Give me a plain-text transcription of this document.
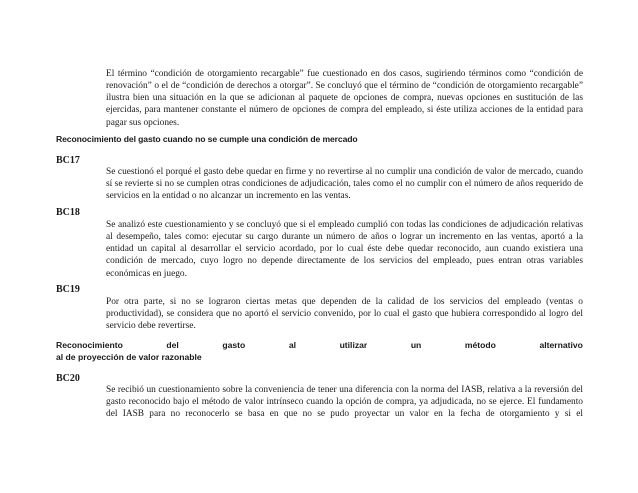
El término “condición de otorgamiento recargable” fue cuestionado en dos casos, sugiriendo términos como “condición de renovación” o el de “condición de derechos a otorgar”. Se concluyó que el término de “condición de otorgamiento recargable” ilustra bien una situación en la que se adicionan al paquete de opciones de compra, nuevas opciones en sustitución de las ejercidas, para mantener constante el número de opciones de compra del empleado, si éste utiliza acciones de la entidad para pagar sus opciones.

Reconocimiento del gasto cuando no se cumple una condición de mercado

BC17

Se cuestionó el porqué el gasto debe quedar en firme y no revertirse al no cumplir una condición de valor de mercado, cuando sí se revierte si no se cumplen otras condiciones de adjudicación, tales como el no cumplir con el número de años requerido de servicios en la entidad o no alcanzar un incremento en las ventas.

BC18

Se analizó este cuestionamiento y se concluyó que si el empleado cumplió con todas las condiciones de adjudicación relativas al desempeño, tales como: ejecutar su cargo durante un número de años o lograr un incremento en las ventas, aportó a la entidad un capital al desarrollar el servicio acordado, por lo cual éste debe quedar reconocido, aun cuando existiera una condición de mercado, cuyo logro no depende directamente de los servicios del empleado, pues entran otras variables económicas en juego.

BC19

Por otra parte, si no se lograron ciertas metas que dependen de la calidad de los servicios del empleado (ventas o productividad), se considera que no aportó el servicio convenido, por lo cual el gasto que hubiera correspondido al logro del servicio debe revertirse.

Reconocimiento	del	gasto	al	utilizar	un	método	alternativo
al de proyección de valor razonable

BC20

Se recibió un cuestionamiento sobre la conveniencia de tener una diferencia con la norma del IASB, relativa a la reversión del gasto reconocido bajo el método de valor intrínseco cuando la opción de compra, ya adjudicada, no se ejerce. El fundamento del IASB para no reconocerlo se basa en que no se pudo proyectar un valor en la fecha de otorgamiento y si el
